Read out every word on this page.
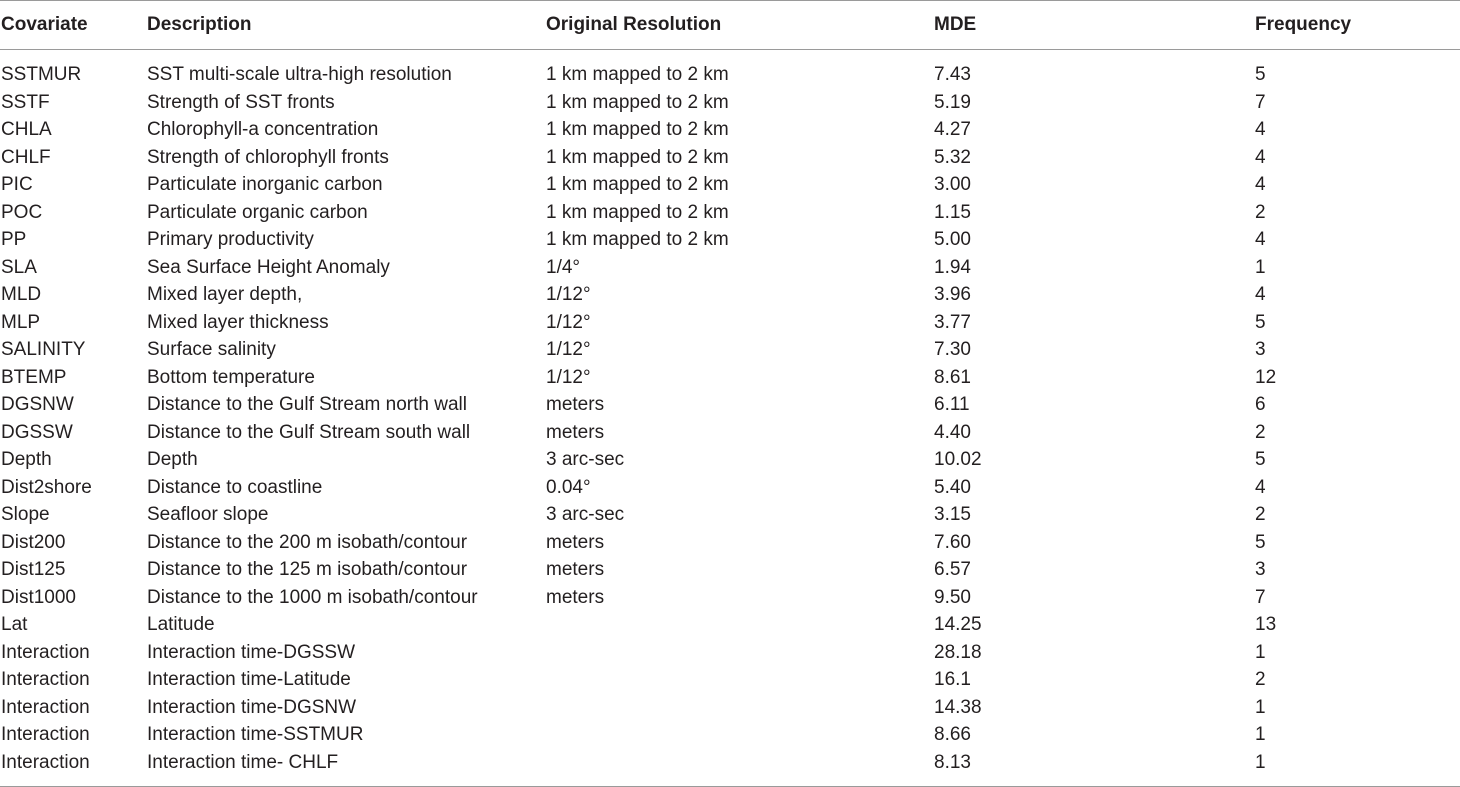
Covariate	Description	Original Resolution	MDE	Frequency

SSTMUR	SST multi-scale ultra-high resolution	1 km mapped to 2 km	7.43	5
SSTF	Strength of SST fronts	1 km mapped to 2 km	5.19	7
CHLA	Chlorophyll-a concentration	1 km mapped to 2 km	4.27	4
CHLF	Strength of chlorophyll fronts	1 km mapped to 2 km	5.32	4
PIC	Particulate inorganic carbon	1 km mapped to 2 km	3.00	4
POC	Particulate organic carbon	1 km mapped to 2 km	1.15	2
PP	Primary productivity	1 km mapped to 2 km	5.00	4
SLA	Sea Surface Height Anomaly	1/4°	1.94	1
MLD	Mixed layer depth,	1/12°	3.96	4
MLP	Mixed layer thickness	1/12°	3.77	5
SALINITY	Surface salinity	1/12°	7.30	3
BTEMP	Bottom temperature	1/12°	8.61	12
DGSNW	Distance to the Gulf Stream north wall	meters	6.11	6
DGSSW	Distance to the Gulf Stream south wall	meters	4.40	2
Depth	Depth	3 arc-sec	10.02	5
Dist2shore	Distance to coastline	0.04°	5.40	4
Slope	Seafloor slope	3 arc-sec	3.15	2
Dist200	Distance to the 200 m isobath/contour	meters	7.60	5
Dist125	Distance to the 125 m isobath/contour	meters	6.57	3
Dist1000	Distance to the 1000 m isobath/contour	meters	9.50	7
Lat	Latitude		14.25	13
Interaction	Interaction time-DGSSW		28.18	1
Interaction	Interaction time-Latitude		16.1	2
Interaction	Interaction time-DGSNW		14.38	1
Interaction	Interaction time-SSTMUR		8.66	1
Interaction	Interaction time- CHLF		8.13	1
